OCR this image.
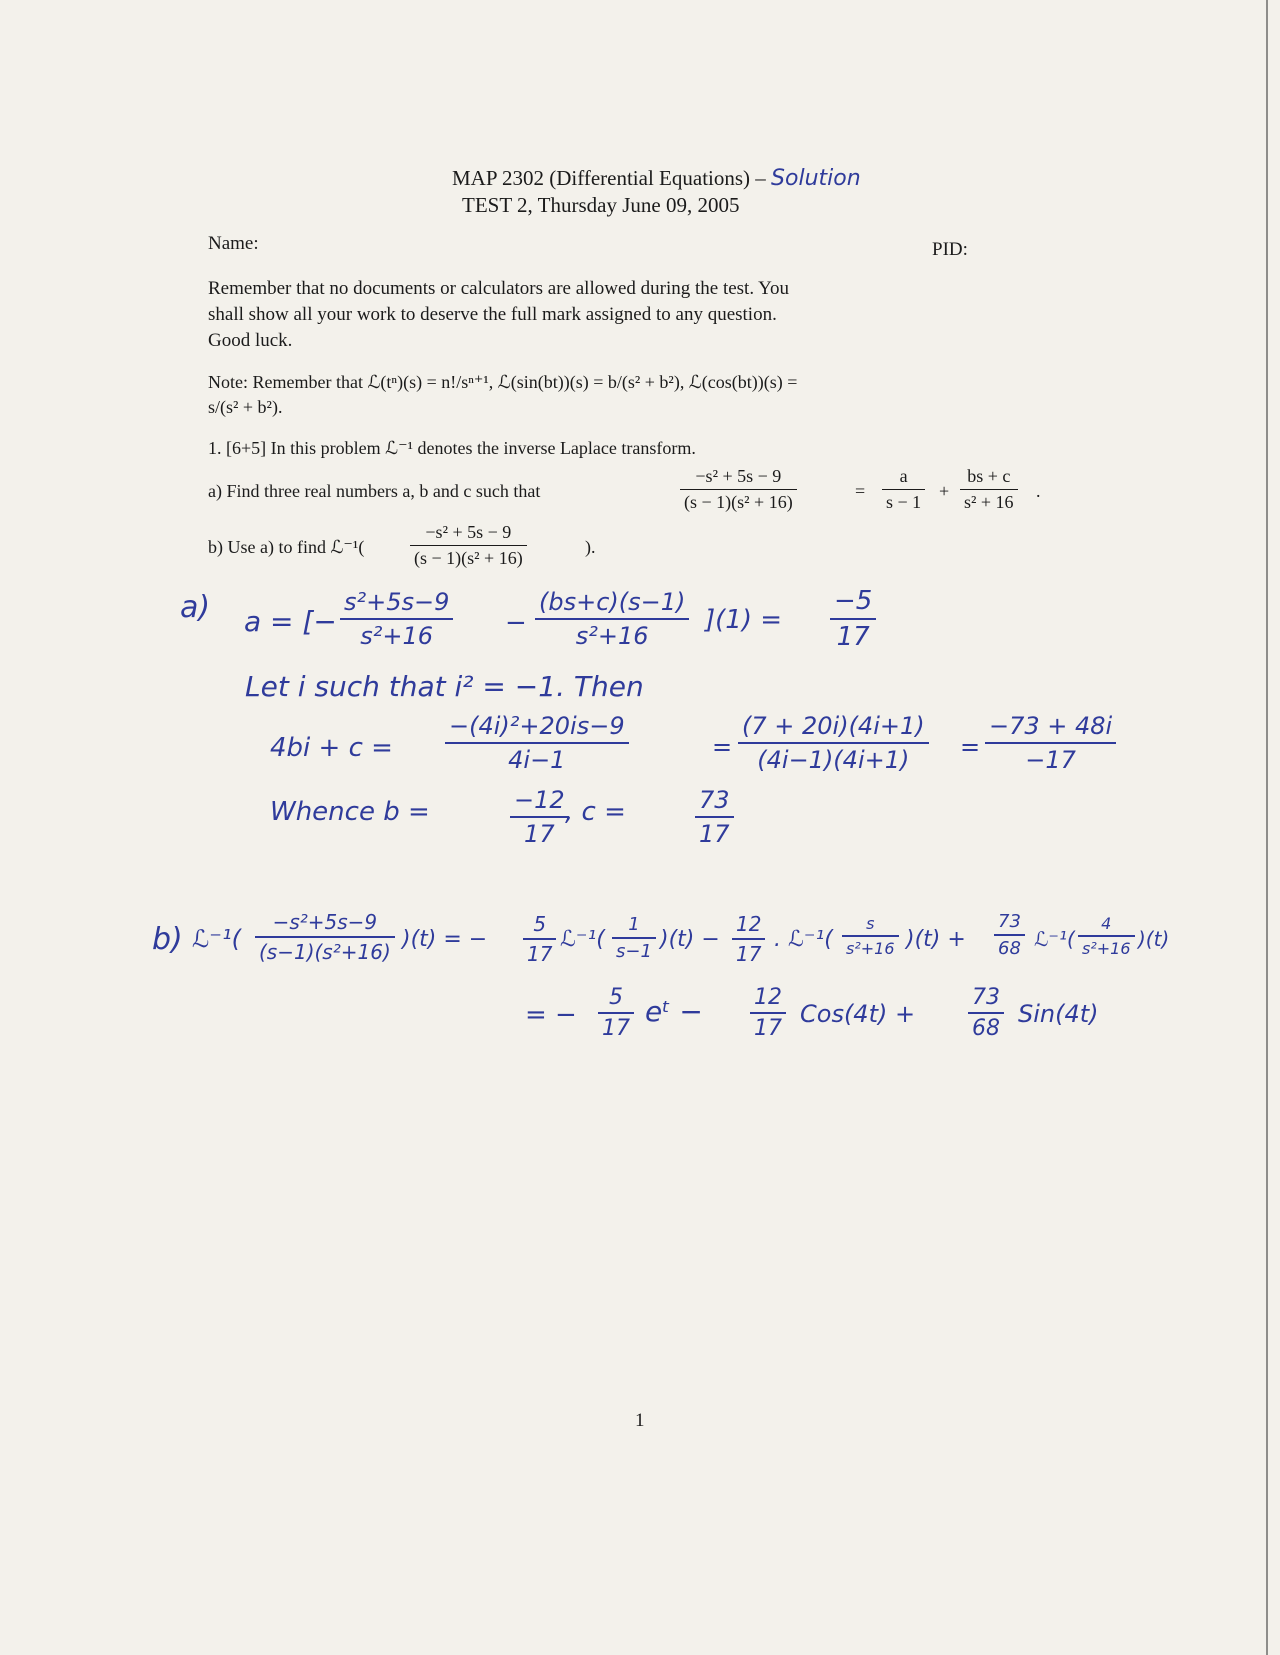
MAP 2302 (Differential Equations) – Solution
TEST 2, Thursday June 09, 2005
Name:	PID:
Remember that no documents or calculators are allowed during the test. You
shall show all your work to deserve the full mark assigned to any question.
Good luck.
Note: Remember that ℒ(tⁿ)(s) = n!/sⁿ⁺¹, ℒ(sin(bt))(s) = b/(s² + b²), ℒ(cos(bt))(s) =
s/(s² + b²).
1. [6+5] In this problem ℒ⁻¹ denotes the inverse Laplace transform.
a) Find three real numbers a, b and c such that
−s² + 5s − 9
(s − 1)(s² + 16)
=
a
s − 1
+
bs + c
s² + 16
.
b) Use a) to find ℒ⁻¹(
−s² + 5s − 9
(s − 1)(s² + 16)
).
a) a = [−
s²+5s−9
s²+16	−
(bs+c)(s−1)
s²+16
](1) =
−5
17
Let i such that i² = −1. Then
4bi + c =
−(4i)²+20is−9
4i−1	=
(7 + 20i)(4i+1)
(4i−1)(4i+1) =
−73 + 48i
−17
Whence b =	−12
17
, c =	73
17
b) ℒ⁻¹(
−s²+5s−9
(s−1)(s²+16) )(t) = −
5
17
ℒ⁻¹(
1
s−1 )(t) −
12
17
. ℒ⁻¹(
s
s²+16 )(t) +
73
68 ℒ⁻¹(
4
s²+16 )(t)
= −
5
17
eᵗ − 12
17
Cos(4t) +
73
68
Sin(4t)
1
